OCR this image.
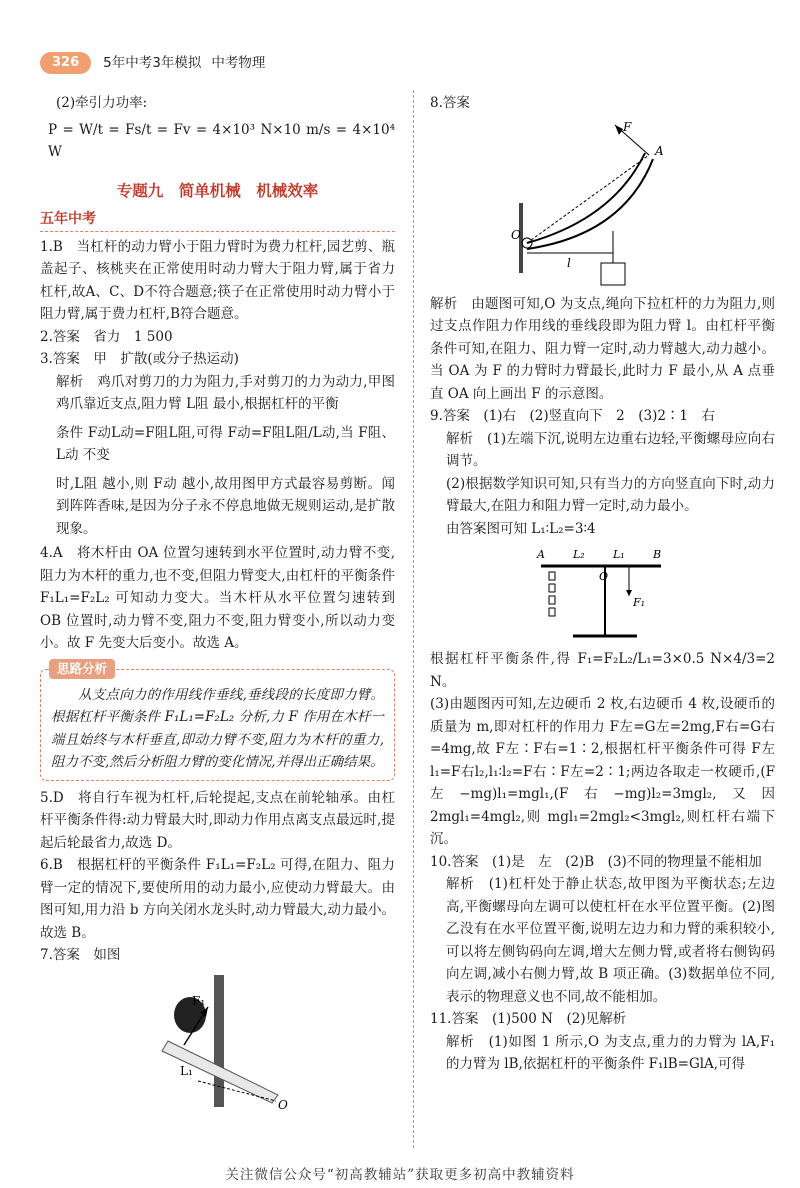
326	5年中考3年模拟 中考物理

(2)牵引力功率:

P = W/t = Fs/t = Fv = 4×10³ N×10 m/s = 4×10⁴ W

专题九　简单机械　机械效率
五年中考

1.B　当杠杆的动力臂小于阻力臂时为费力杠杆,园艺剪、瓶盖起子、核桃夹在正常使用时动力臂大于阻力臂,属于省力杠杆,故A、C、D不符合题意;筷子在正常使用时动力臂小于阻力臂,属于费力杠杆,B符合题意。

2.答案　省力　1 500

3.答案　甲　扩散(或分子热运动)

解析　鸡爪对剪刀的力为阻力,手对剪刀的力为动力,甲图鸡爪靠近支点,阻力臂 L阻 最小,根据杠杆的平衡

条件 F动L动=F阻L阻,可得 F动=F阻L阻/L动,当 F阻、L动 不变

时,L阻 越小,则 F动 越小,故用图甲方式最容易剪断。闻到阵阵香味,是因为分子永不停息地做无规则运动,是扩散现象。

4.A　将木杆由 OA 位置匀速转到水平位置时,动力臂不变,阻力为木杆的重力,也不变,但阻力臂变大,由杠杆的平衡条件 F₁L₁=F₂L₂ 可知动力变大。当木杆从水平位置匀速转到 OB 位置时,动力臂不变,阻力不变,阻力臂变小,所以动力变小。故 F 先变大后变小。故选 A。

思路分析

从支点向力的作用线作垂线,垂线段的长度即力臂。根据杠杆平衡条件 F₁L₁=F₂L₂ 分析,力 F 作用在木杆一端且始终与木杆垂直,即动力臂不变,阻力为木杆的重力,阻力不变,然后分析阻力臂的变化情况,并得出正确结果。

5.D　将自行车视为杠杆,后轮提起,支点在前轮轴承。由杠杆平衡条件得:动力臂最大时,即动力作用点离支点最远时,提起后轮最省力,故选 D。

6.B　根据杠杆的平衡条件 F₁L₁=F₂L₂ 可得,在阻力、阻力臂一定的情况下,要使所用的动力最小,应使动力臂最大。由图可知,用力沿 b 方向关闭水龙头时,动力臂最大,动力最小。故选 B。

7.答案　如图

F₁
L₁
O

8.答案

F
A
O
l

解析　由题图可知,O 为支点,绳向下拉杠杆的力为阻力,则过支点作阻力作用线的垂线段即为阻力臂 l。由杠杆平衡条件可知,在阻力、阻力臂一定时,动力臂越大,动力越小。当 OA 为 F 的力臂时力臂最长,此时力 F 最小,从 A 点垂直 OA 向上画出 F 的示意图。

9.答案　(1)右　(2)竖直向下　2　(3)2∶1　右

解析　(1)左端下沉,说明左边重右边轻,平衡螺母应向右调节。

(2)根据数学知识可知,只有当力的方向竖直向下时,动力臂最大,在阻力和阻力臂一定时,动力最小。

由答案图可知 L₁∶L₂=3∶4

A	L₂	L₁	B
O
F₁

根据杠杆平衡条件,得 F₁=F₂L₂/L₁=3×0.5 N×4/3=2 N。

(3)由题图丙可知,左边硬币 2 枚,右边硬币 4 枚,设硬币的质量为 m,即对杠杆的作用力 F左=G左=2mg,F右=G右=4mg,故 F左∶F右=1∶2,根据杠杆平衡条件可得 F左l₁=F右l₂,l₁∶l₂=F右∶F左=2∶1;两边各取走一枚硬币,(F左−mg)l₁=mgl₁,(F右−mg)l₂=3mgl₂,又因 2mgl₁=4mgl₂,则 mgl₁=2mgl₂<3mgl₂,则杠杆右端下沉。

10.答案　(1)是　左　(2)B　(3)不同的物理量不能相加

解析　(1)杠杆处于静止状态,故甲图为平衡状态;左边高,平衡螺母向左调可以使杠杆在水平位置平衡。(2)图乙没有在水平位置平衡,说明左边力和力臂的乘积较小,可以将左侧钩码向左调,增大左侧力臂,或者将右侧钩码向左调,减小右侧力臂,故 B 项正确。(3)数据单位不同,表示的物理意义也不同,故不能相加。

11.答案　(1)500 N　(2)见解析

解析　(1)如图 1 所示,O 为支点,重力的力臂为 lA,F₁ 的力臂为 lB,依据杠杆的平衡条件 F₁lB=GlA,可得

关注微信公众号“初高教辅站”获取更多初高中教辅资料
